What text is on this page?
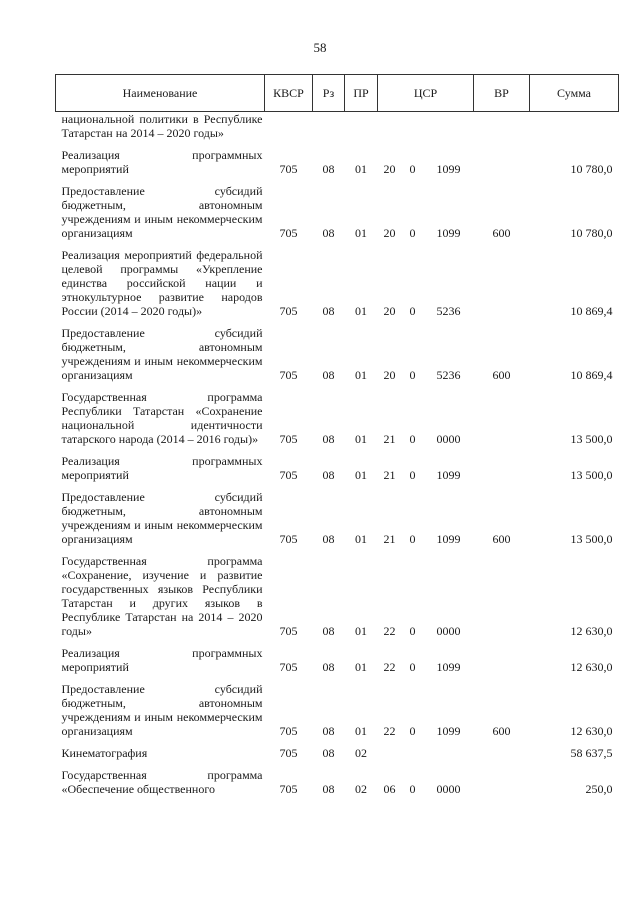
58
Наименование	КВСР	Рз	ПР	ЦСР			ВР	Сумма
национальной политики в Республике Татарстан на 2014 – 2020 годы»								
Реализация программных мероприятий	705	08	01	20	0	1099		10 780,0
Предоставление субсидий бюджетным, автономным учреждениям и иным некоммерческим организациям	705	08	01	20	0	1099	600	10 780,0
Реализация мероприятий федеральной целевой программы «Укрепление единства российской нации и этнокультурное развитие народов России (2014 – 2020 годы)»	705	08	01	20	0	5236		10 869,4
Предоставление субсидий бюджетным, автономным учреждениям и иным некоммерческим организациям	705	08	01	20	0	5236	600	10 869,4
Государственная программа Республики Татарстан «Сохранение национальной идентичности татарского народа (2014 – 2016 годы)»	705	08	01	21	0	0000		13 500,0
Реализация программных мероприятий	705	08	01	21	0	1099		13 500,0
Предоставление субсидий бюджетным, автономным учреждениям и иным некоммерческим организациям	705	08	01	21	0	1099	600	13 500,0
Государственная программа «Сохранение, изучение и развитие государственных языков Республики Татарстан и других языков в Республике Татарстан на 2014 – 2020 годы»	705	08	01	22	0	0000		12 630,0
Реализация программных мероприятий	705	08	01	22	0	1099		12 630,0
Предоставление субсидий бюджетным, автономным учреждениям и иным некоммерческим организациям	705	08	01	22	0	1099	600	12 630,0
Кинематография	705	08	02					58 637,5
Государственная программа «Обеспечение общественного	705	08	02	06	0	0000		250,0
